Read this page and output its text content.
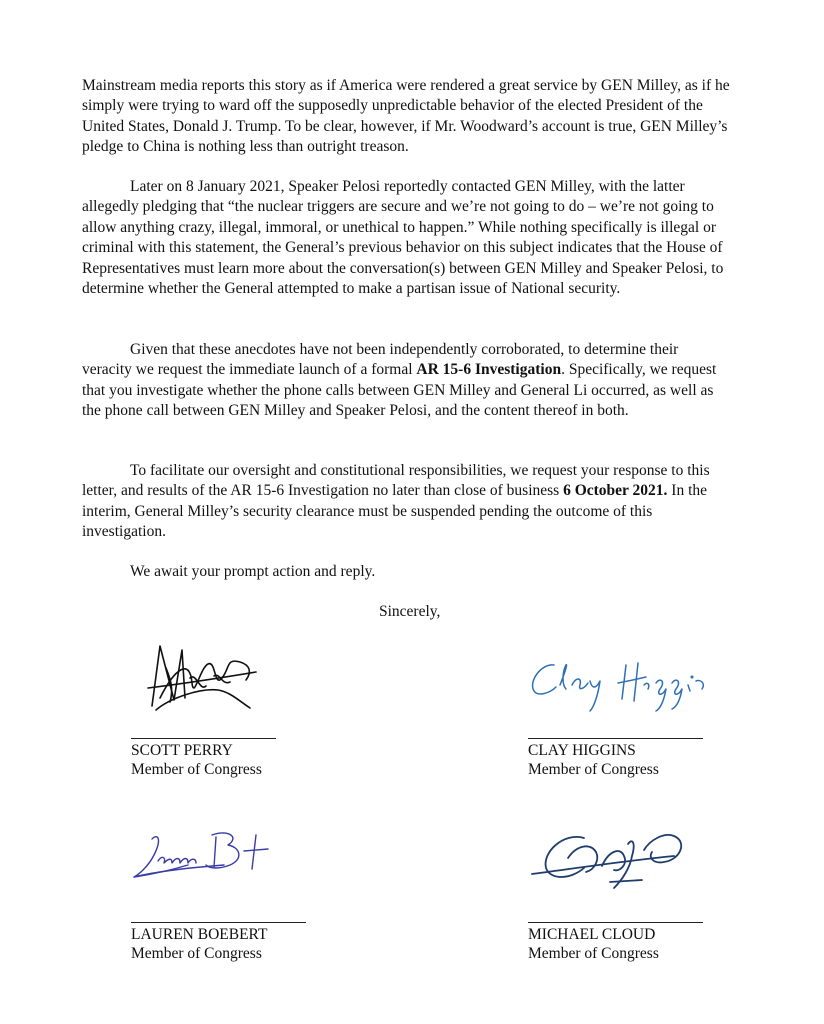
Mainstream media reports this story as if America were rendered a great service by GEN Milley, as if he simply were trying to ward off the supposedly unpredictable behavior of the elected President of the United States, Donald J. Trump. To be clear, however, if Mr. Woodward’s account is true, GEN Milley’s pledge to China is nothing less than outright treason.

Later on 8 January 2021, Speaker Pelosi reportedly contacted GEN Milley, with the latter allegedly pledging that “the nuclear triggers are secure and we’re not going to do – we’re not going to allow anything crazy, illegal, immoral, or unethical to happen.” While nothing specifically is illegal or criminal with this statement, the General’s previous behavior on this subject indicates that the House of Representatives must learn more about the conversation(s) between GEN Milley and Speaker Pelosi, to determine whether the General attempted to make a partisan issue of National security.

Given that these anecdotes have not been independently corroborated, to determine their veracity we request the immediate launch of a formal AR 15-6 Investigation. Specifically, we request that you investigate whether the phone calls between GEN Milley and General Li occurred, as well as the phone call between GEN Milley and Speaker Pelosi, and the content thereof in both.

To facilitate our oversight and constitutional responsibilities, we request your response to this letter, and results of the AR 15-6 Investigation no later than close of business 6 October 2021. In the interim, General Milley’s security clearance must be suspended pending the outcome of this investigation.

We await your prompt action and reply.

Sincerely,
SCOTT PERRY
Member of Congress
CLAY HIGGINS
Member of Congress
LAUREN BOEBERT
Member of Congress
MICHAEL CLOUD
Member of Congress
